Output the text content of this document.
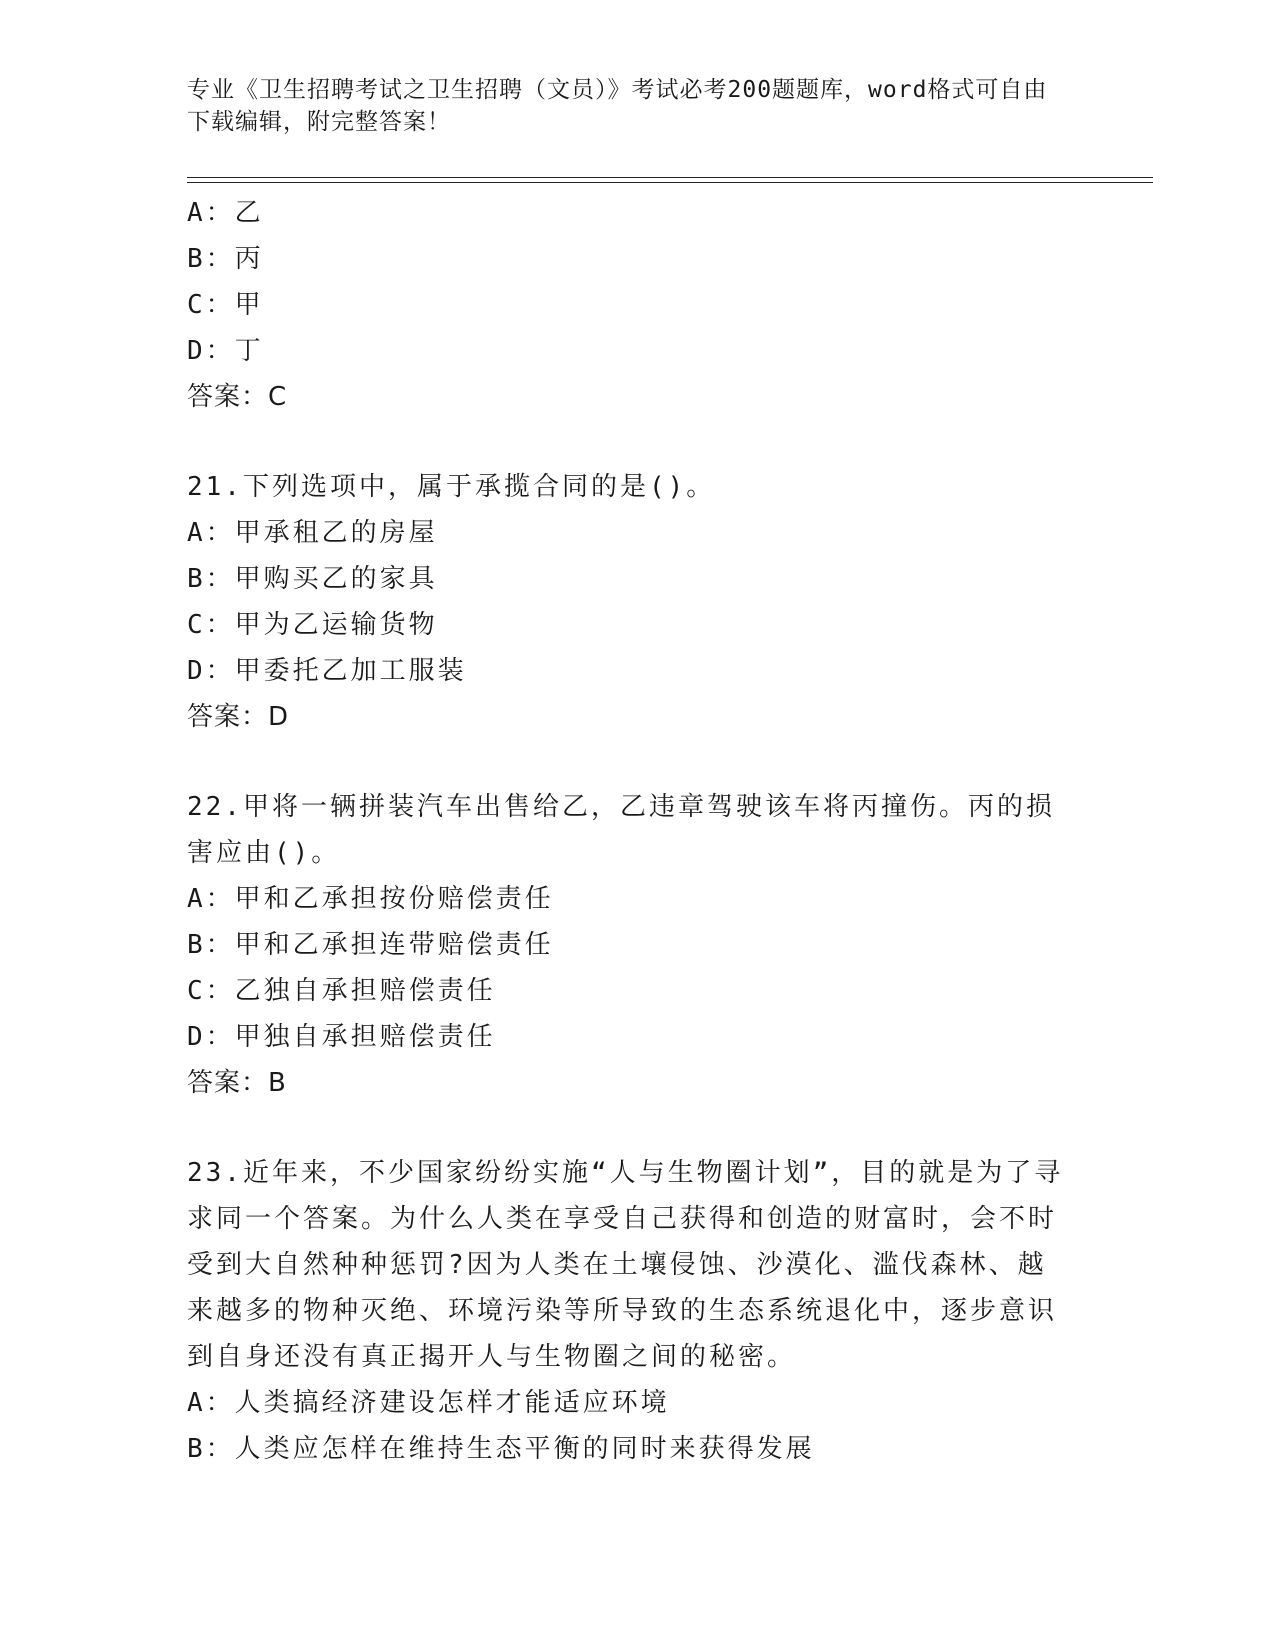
专业《卫生招聘考试之卫生招聘（文员）》考试必考200题题库，word格式可自由下载编辑，附完整答案！
A：乙
B：丙
C：甲
D：丁
答案：C
21.下列选项中，属于承揽合同的是()。
A：甲承租乙的房屋
B：甲购买乙的家具
C：甲为乙运输货物
D：甲委托乙加工服装
答案：D
22.甲将一辆拼装汽车出售给乙，乙违章驾驶该车将丙撞伤。丙的损害应由()。
A：甲和乙承担按份赔偿责任
B：甲和乙承担连带赔偿责任
C：乙独自承担赔偿责任
D：甲独自承担赔偿责任
答案：B
23.近年来，不少国家纷纷实施“人与生物圈计划”，目的就是为了寻求同一个答案。为什么人类在享受自己获得和创造的财富时，会不时受到大自然种种惩罚?因为人类在土壤侵蚀、沙漠化、滥伐森林、越来越多的物种灭绝、环境污染等所导致的生态系统退化中，逐步意识到自身还没有真正揭开人与生物圈之间的秘密。
A：人类搞经济建设怎样才能适应环境
B：人类应怎样在维持生态平衡的同时来获得发展
